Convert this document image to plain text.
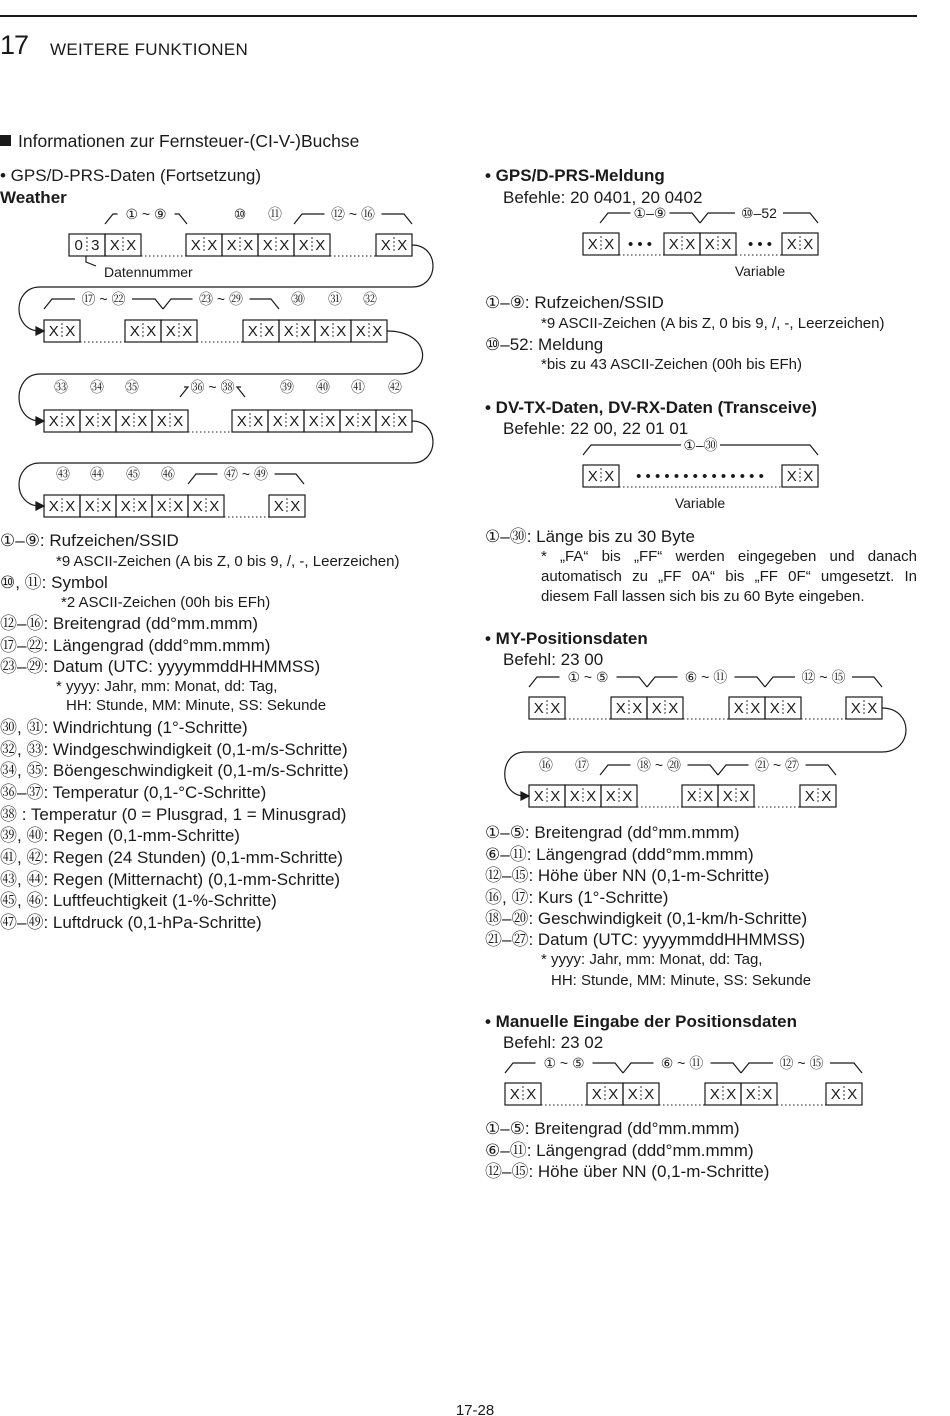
17 WEITERE FUNKTIONEN
Informationen zur Fernsteuer-(CI-V-)Buchse
• GPS/D-PRS-Daten (Fortsetzung)
Weather
0 3 X X	X X X X X X X X	X X
① ~ ⑨	⑩ ⑪	⑫ ~ ⑯
Datennummer
X X	X X X X	X X X X X X X X
⑰ ~ ㉒	㉓ ~ ㉙	㉚ ㉛ ㉜
X X X X X X X X	X X X X X X X X X X
㉝ ㉞ ㉟	㊱ ~ ㊳	㊴ ㊵ ㊶ ㊷
X X X X X X X X X X	X X
㊸ ㊹ ㊺ ㊻	㊼ ~ ㊾
X X • • • X X X X • • • X X
①–⑨	⑩–52
Variable
X X • • • • • • • • • • • • • • X X
①–㉚
Variable
X X	X X X X	X X X X	X X
① ~ ⑤	⑥ ~ ⑪	⑫ ~ ⑮
X X X X X X	X X X X	X X
⑯ ⑰	⑱ ~ ⑳	㉑ ~ ㉗
X X	X X X X	X X X X	X X
① ~ ⑤	⑥ ~ ⑪	⑫ ~ ⑮
①–⑨: Rufzeichen/SSID
*9 ASCII-Zeichen (A bis Z, 0 bis 9, /, -, Leerzeichen)
⑩, ⑪: Symbol
*2 ASCII-Zeichen (00h bis EFh)
⑫–⑯: Breitengrad (dd°mm.mmm)
⑰–㉒: Längengrad (ddd°mm.mmm)
㉓–㉙: Datum (UTC: yyyymmddHHMMSS)
* yyyy: Jahr, mm: Monat, dd: Tag,
HH: Stunde, MM: Minute, SS: Sekunde
㉚, ㉛: Windrichtung (1°-Schritte)
㉜, ㉝: Windgeschwindigkeit (0,1-m/s-Schritte)
㉞, ㉟: Böengeschwindigkeit (0,1-m/s-Schritte)
㊱–㊲: Temperatur (0,1-°C-Schritte)
㊳ : Temperatur (0 = Plusgrad, 1 = Minusgrad)
㊴, ㊵: Regen (0,1-mm-Schritte)
㊶, ㊷: Regen (24 Stunden) (0,1-mm-Schritte)
㊸, ㊹: Regen (Mitternacht) (0,1-mm-Schritte)
㊺, ㊻: Luftfeuchtigkeit (1-%-Schritte)
㊼–㊾: Luftdruck (0,1-hPa-Schritte)
• GPS/D-PRS-Meldung
Befehle: 20 0401, 20 0402
①–⑨: Rufzeichen/SSID
*9 ASCII-Zeichen (A bis Z, 0 bis 9, /, -, Leerzeichen)
⑩–52: Meldung
*bis zu 43 ASCII-Zeichen (00h bis EFh)
• DV-TX-Daten, DV-RX-Daten (Transceive)
Befehle: 22 00, 22 01 01
①–㉚: Länge bis zu 30 Byte
* „FA“ bis „FF“ werden eingegeben und danach automatisch zu „FF 0A“ bis „FF 0F“ umgesetzt. In diesem Fall lassen sich bis zu 60 Byte eingeben.
• MY-Positionsdaten
Befehl: 23 00
①–⑤: Breitengrad (dd°mm.mmm)
⑥–⑪: Längengrad (ddd°mm.mmm)
⑫–⑮: Höhe über NN (0,1-m-Schritte)
⑯, ⑰: Kurs (1°-Schritte)
⑱–⑳: Geschwindigkeit (0,1-km/h-Schritte)
㉑–㉗: Datum (UTC: yyyymmddHHMMSS)
* yyyy: Jahr, mm: Monat, dd: Tag,
HH: Stunde, MM: Minute, SS: Sekunde
• Manuelle Eingabe der Positionsdaten
Befehl: 23 02
①–⑤: Breitengrad (dd°mm.mmm)
⑥–⑪: Längengrad (ddd°mm.mmm)
⑫–⑮: Höhe über NN (0,1-m-Schritte)
17-28
